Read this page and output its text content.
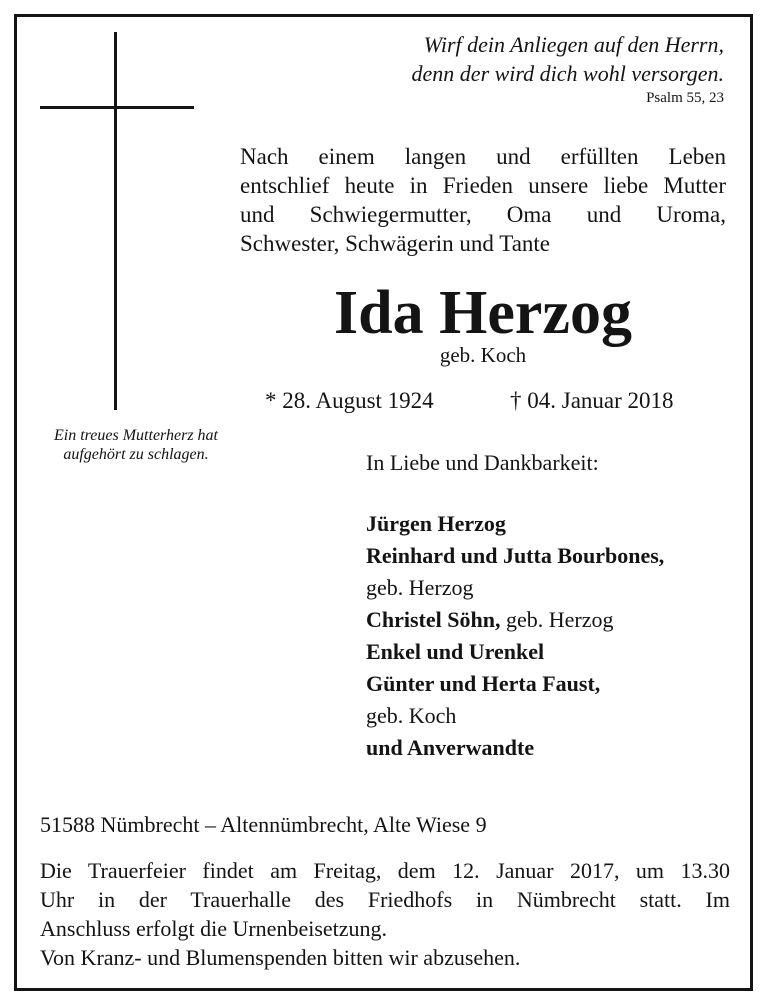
Wirf dein Anliegen auf den Herrn,
denn der wird dich wohl versorgen.
Psalm 55, 23
Nach einem langen und erfüllten Leben
entschlief heute in Frieden unsere liebe Mutter
und Schwiegermutter, Oma und Uroma,
Schwester, Schwägerin und Tante
Ida Herzog
geb. Koch
* 28. August 1924	† 04. Januar 2018
Ein treues Mutterherz hat aufgehört zu schlagen.	In Liebe und Dankbarkeit:
Jürgen Herzog
Reinhard und Jutta Bourbones,
geb. Herzog
Christel Söhn, geb. Herzog
Enkel und Urenkel
Günter und Herta Faust,
geb. Koch
und Anverwandte
51588 Nümbrecht – Altennümbrecht, Alte Wiese 9
Die Trauerfeier findet am Freitag, dem 12. Januar 2017, um 13.30
Uhr in der Trauerhalle des Friedhofs in Nümbrecht statt. Im
Anschluss erfolgt die Urnenbeisetzung.
Von Kranz- und Blumenspenden bitten wir abzusehen.
